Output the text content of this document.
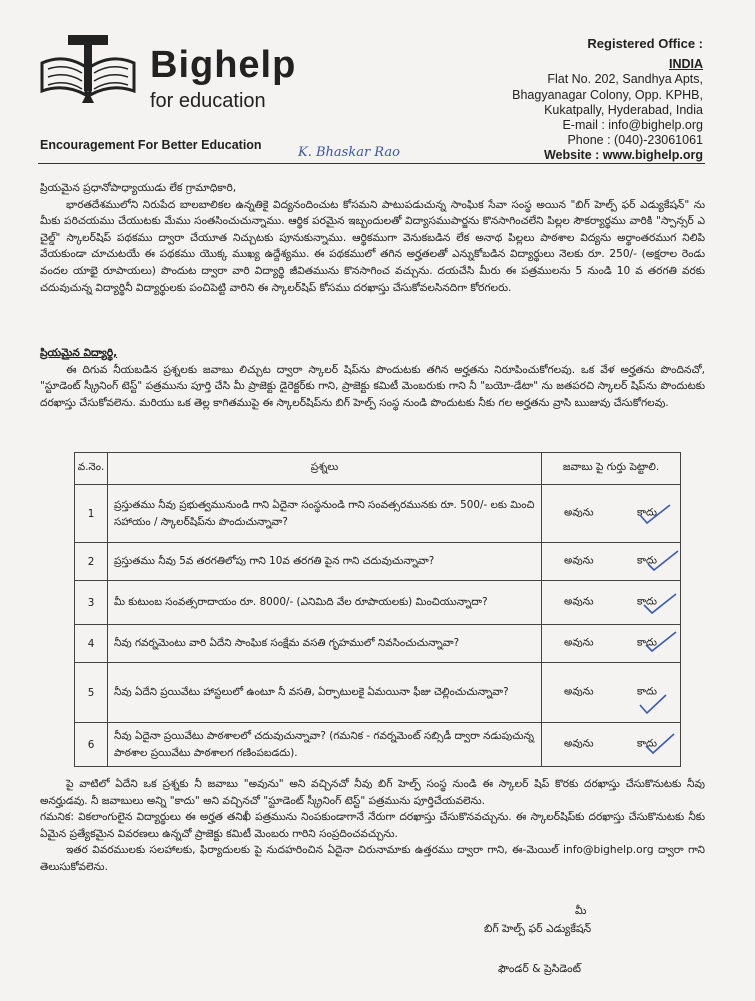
Bighelp
for education
Encouragement For Better Education	K. Bhaskar Rao
Registered Office :
INDIA
Flat No. 202, Sandhya Apts,
Bhagyanagar Colony, Opp. KPHB,
Kukatpally, Hyderabad, India
E-mail : info@bighelp.org
Phone : (040)-23061061
Website : www.bighelp.org
ప్రియమైన ప్రధానోపాధ్యాయుడు లేక గ్రామాధికారి,
భారతదేశములోని నిరుపేద బాలబాలికల ఉన్నతికై విద్యనందించుట కోసమని పాటుపడుచున్న సాంఘిక సేవా సంస్థ అయిన "బిగ్ హెల్ప్ ఫర్ ఎడ్యుకేషన్" ను మీకు పరిచయము చేయుటకు మేము సంతసించుచున్నాము. ఆర్థిక పరమైన ఇబ్బందులతో విద్యాసముపార్జను కొనసాగించలేని పిల్లల సౌకర్యార్థము వారికి "స్పాన్సర్ ఎ చైల్డ్" స్కాలర్‌షిప్ పథకము ద్వారా చేయూత నిచ్చుటకు పూనుకున్నాము. ఆర్థికముగా వెనుకబడిన లేక అనాథ పిల్లలు పాఠశాల విద్యను అర్థాంతరముగ నిలిపి వేయకుండా చూచుటయే ఈ పథకము యొక్క ముఖ్య ఉద్దేశ్యము. ఈ పథకములో తగిన అర్హతలతో ఎన్నుకోబడిన విద్యార్థులు నెలకు రూ. 250/- (అక్షరాల రెండు వందల యాభై రూపాయలు) పొందుట ద్వారా వారి విద్యార్థి జీవితమును కొనసాగించ వచ్చును. దయచేసి మీరు ఈ పత్రములను 5 నుండి 10 వ తరగతి వరకు చదువుచున్న విద్యార్థినీ విద్యార్థులకు పంచిపెట్టి వారిని ఈ స్కాలర్‌షిప్ కోసము దరఖాస్తు చేసుకోవలసినదిగా కోరగలరు.
ప్రియమైన విద్యార్థి,
ఈ దిగువ నీయబడిన ప్రశ్నలకు జవాబు లిచ్చుట ద్వారా స్కాలర్ షిప్‌ను పొందుటకు తగిన అర్హతను నిరూపించుకోగలవు. ఒక వేళ అర్హతను పొందినచో, "స్టూడెంట్ స్క్రీనింగ్ టెస్ట్" పత్రమును పూర్తి చేసి మీ ప్రాజెక్టు డైరెక్టర్‌కు గాని, ప్రాజెక్టు కమిటీ మెంబరుకు గాని నీ "బయో-డేటా" ను జతపరచి స్కాలర్ షిప్‌ను పొందుటకు దరఖాస్తు చేసుకోవలెను. మరియు ఒక తెల్ల కాగితముపై ఈ స్కాలర్‌షిప్‌ను బిగ్ హెల్ప్ సంస్థ నుండి పొందుటకు నీకు గల అర్హతను వ్రాసి ఋజువు చేసుకోగలవు.
వ.నెం.	ప్రశ్నలు	జవాబు పై గుర్తు పెట్టాలి.
1	ప్రస్తుతము నీవు ప్రభుత్వమునుండి గాని ఏదైనా సంస్థనుండి గాని సంవత్సరమునకు రూ. 500/- లకు మించి సహాయం / స్కాలర్‌షిప్‌ను పొందుచున్నావా?	అవును కాదు

2	ప్రస్తుతము నీవు 5వ తరగతిలోపు గాని 10వ తరగతి పైన గాని చదువుచున్నావా?	అవును కాదు

3	మీ కుటుంబ సంవత్సరాదాయం రూ. 8000/- (ఎనిమిది వేల రూపాయలకు) మించియున్నాదా?	అవును కాదు

4	నీవు గవర్నమెంటు వారి ఏదేని సాంఘిక సంక్షేమ వసతి గృహములో నివసించుచున్నావా?	అవును కాదు

5	నీవు ఏదేని ప్రయివేటు హాస్టలులో ఉంటూ నీ వసతి, ఏర్పాటులకై ఏమయినా ఫీజు చెల్లించుచున్నావా?	అవును కాదు

6	నీవు ఏదైనా ప్రయివేటు పాఠశాలలో చదువుచున్నావా? (గమనిక - గవర్నమెంట్ సబ్సిడీ ద్వారా నడుపుచున్న పాఠశాల ప్రయివేటు పాఠశాలగ గణింపబడదు).	అవును కాదు
పై వాటిలో ఏదేని ఒక ప్రశ్నకు నీ జవాబు "అవును" అని వచ్చినచో నీవు బిగ్ హెల్ప్ సంస్థ నుండి ఈ స్కాలర్ షిప్ కొరకు దరఖాస్తు చేసుకొనుటకు నీవు అనర్హుడవు. నీ జవాబులు అన్ని "కాదు" అని వచ్చినచో "స్టూడెంట్ స్క్రీనింగ్ టెస్ట్" పత్రమును పూర్తిచేయవలెను.
గమనిక: వికలాంగులైన విద్యార్థులు ఈ అర్హత తనిఖీ పత్రమును నింపకుండాగానే నేరుగా దరఖాస్తు చేసుకొనవచ్చును. ఈ స్కాలర్‌షిప్‌కు దరఖాస్తు చేసుకొనుటకు నీకు ఏమైన ప్రత్యేకమైన వివరణలు ఉన్నచో ప్రాజెక్టు కమిటీ మెంబరు గారిని సంప్రదించవచ్చును.
ఇతర వివరములకు సలహాలకు, ఫిర్యాదులకు పై నుదహరించిన ఏదైనా చిరునామాకు ఉత్తరము ద్వారా గాని, ఈ-మెయిల్ info@bighelp.org ద్వారా గాని తెలుసుకోవలెను.
మీ
బిగ్ హెల్ప్ ఫర్ ఎడ్యుకేషన్
ఫౌండర్ & ప్రెసిడెంట్
